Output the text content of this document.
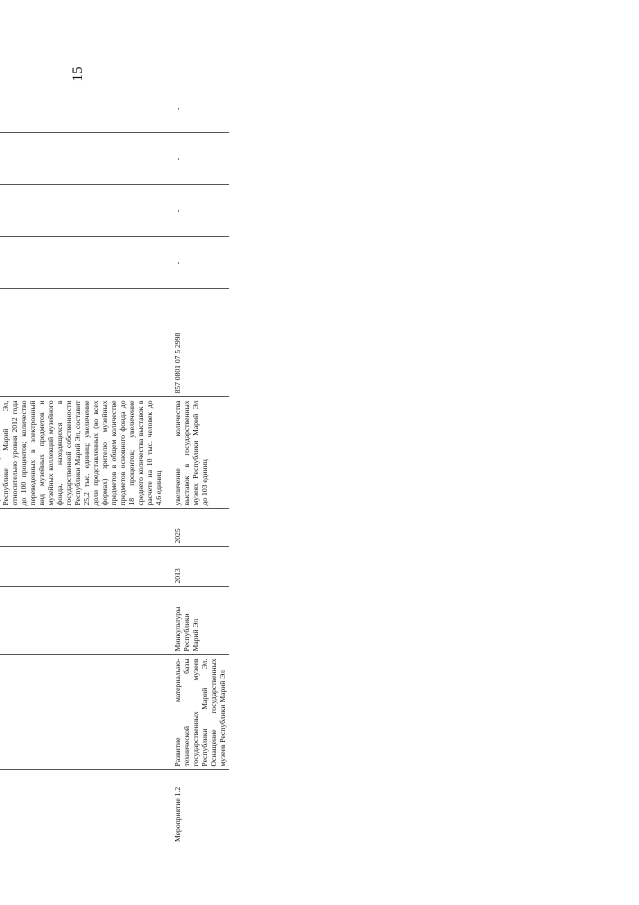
15

					Республике Марий Эл, относительно уровня 2012 года до 100 процентов; количество переведенных в электронный вид музейных предметов и музейных коллекций музейного фонда, находящихся в государственной собственности Республики Марий Эл, составит 25,2 тыс. единиц; увеличение доли представленных (во всех формах) зрителю музейных предметов в общем количестве предметов основного фонда до 18 процентов; увеличение среднего количества выставок в расчете на 10 тыс. человек до 4,6 единиц					
Мероприятие 1.2	Развитие материально-технической базы государственных музеев Республики Марий Эл. Оснащение государственных музеев Республики Марий Эл	Минкультуры Республики Марий Эл	2013	2025	увеличение количества выставок в государственных музеях Республики Марий Эл до 103 единиц	857 0801 07 5 2998	-	-	-	-
